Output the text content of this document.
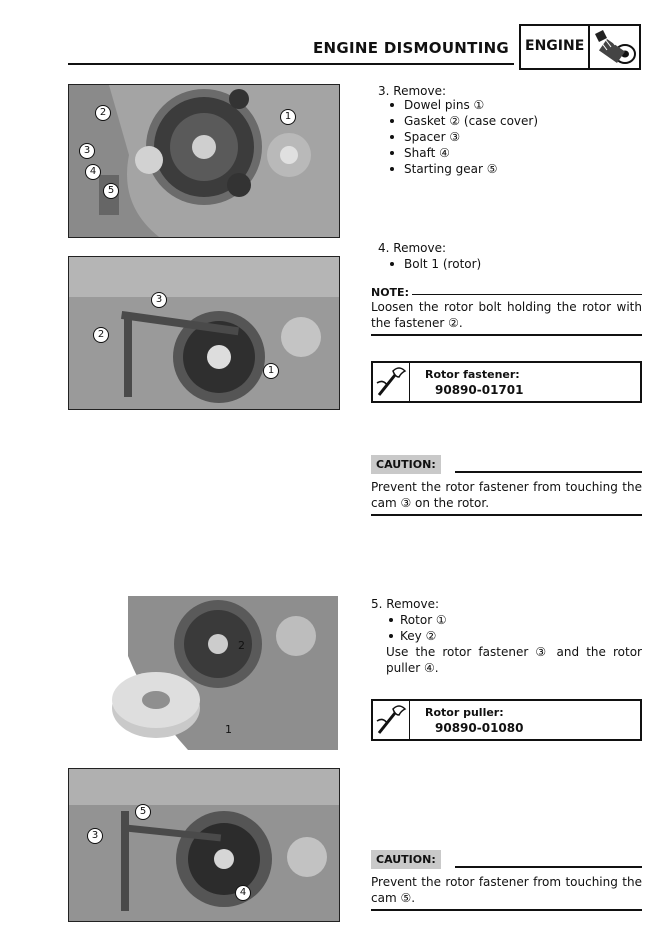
ENGINE DISMOUNTING ENGINE
2
3
4
5
1
3
2
1
2
1
5
3
4
3. Remove:
Dowel pins ①
Gasket ② (case cover)
Spacer ③
Shaft ④
Starting gear ⑤
4. Remove:
Bolt 1 (rotor)
NOTE:
Loosen the rotor bolt holding the rotor with the fastener ②.
Rotor fastener:
90890-01701
CAUTION:
Prevent the rotor fastener from touching the cam ③ on the rotor.
5. Remove:
Rotor ①
Key ②
Use the rotor fastener ③ and the rotor puller ④.
Rotor puller:
90890-01080
CAUTION:
Prevent the rotor fastener from touching the cam ⑤.
